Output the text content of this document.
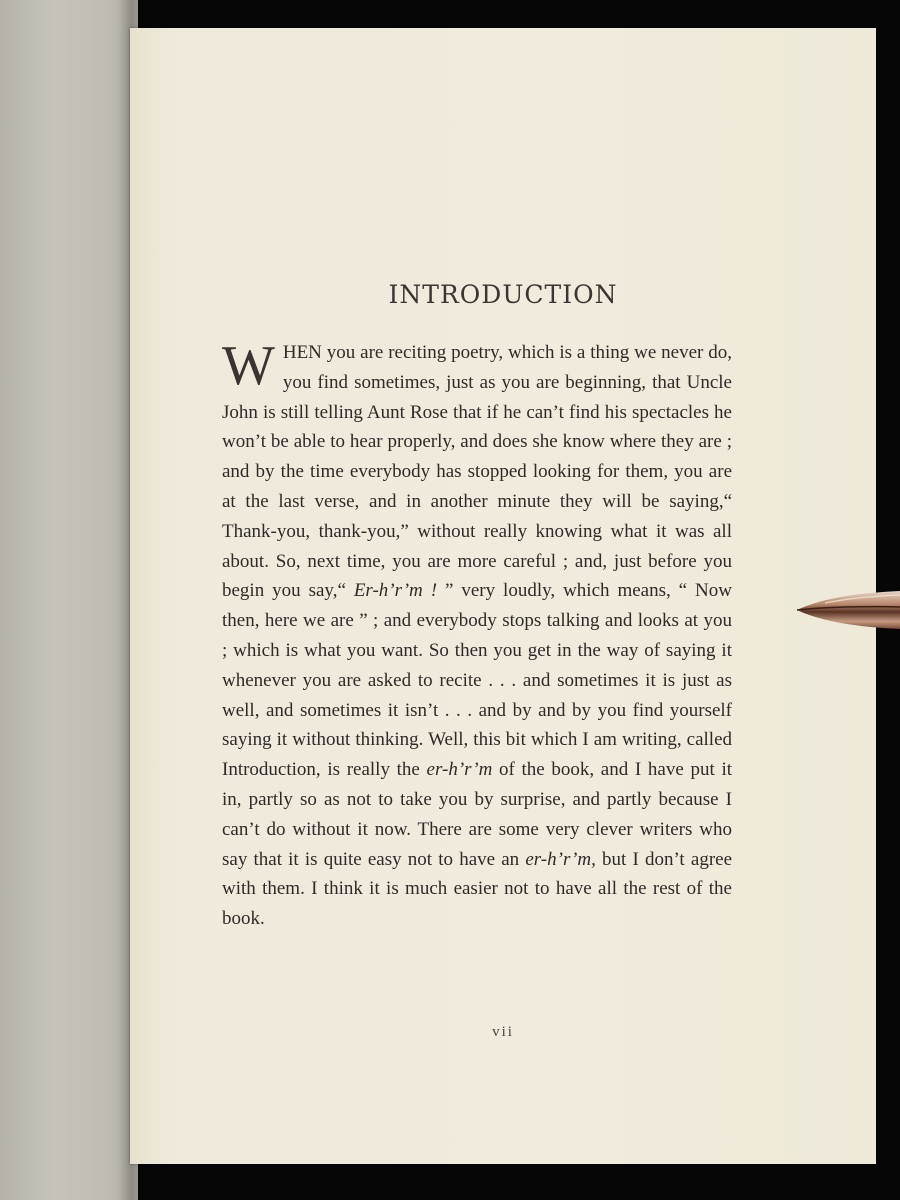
INTRODUCTION
W HEN you are reciting poetry, which is a thing we never do, you find sometimes, just as you are beginning, that Uncle John is still telling Aunt Rose that if he can’t find his spectacles he won’t be able to hear properly, and does she know where they are ; and by the time everybody has stopped looking for them, you are at the last verse, and in another minute they will be saying,“ Thank-you, thank-you,” without really knowing what it was all about. So, next time, you are more careful ; and, just before you begin you say,“ Er-h’r’m ! ” very loudly, which means, “ Now then, here we are ” ; and everybody stops talking and looks at you ; which is what you want. So then you get in the way of saying it whenever you are asked to recite . . . and sometimes it is just as well, and sometimes it isn’t . . . and by and by you find yourself saying it without thinking. Well, this bit which I am writing, called Introduction, is really the er-h’r’m of the book, and I have put it in, partly so as not to take you by surprise, and partly because I can’t do without it now. There are some very clever writers who say that it is quite easy not to have an er-h’r’m, but I don’t agree with them. I think it is much easier not to have all the rest of the book.
vii
